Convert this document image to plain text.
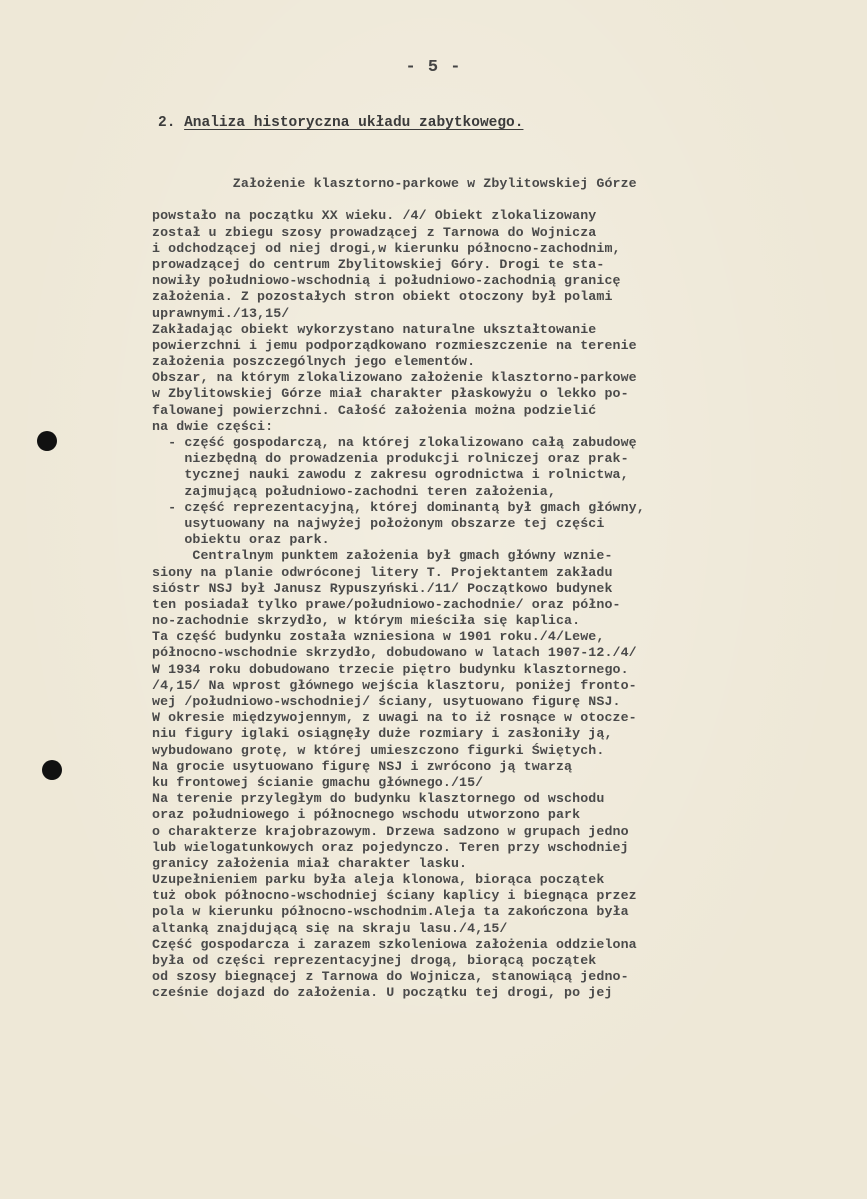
- 5 -
2. Analiza historyczna układu zabytkowego.
Założenie klasztorno-parkowe w Zbylitowskiej Górze
powstało na początku XX wieku. /4/ Obiekt zlokalizowany
został u zbiegu szosy prowadzącej z Tarnowa do Wojnicza
i odchodzącej od niej drogi,w kierunku północno-zachodnim,
prowadzącej do centrum Zbylitowskiej Góry. Drogi te sta-
nowiły południowo-wschodnią i południowo-zachodnią granicę
założenia. Z pozostałych stron obiekt otoczony był polami
uprawnymi./13,15/
Zakładając obiekt wykorzystano naturalne ukształtowanie
powierzchni i jemu podporządkowano rozmieszczenie na terenie
założenia poszczególnych jego elementów.
Obszar, na którym zlokalizowano założenie klasztorno-parkowe
w Zbylitowskiej Górze miał charakter płaskowyżu o lekko po-
falowanej powierzchni. Całość założenia można podzielić
na dwie części:
- część gospodarczą, na której zlokalizowano całą zabudowę
niezbędną do prowadzenia produkcji rolniczej oraz prak-
tycznej nauki zawodu z zakresu ogrodnictwa i rolnictwa,
zajmującą południowo-zachodni teren założenia,
- część reprezentacyjną, której dominantą był gmach główny,
usytuowany na najwyżej położonym obszarze tej części
obiektu oraz park.
Centralnym punktem założenia był gmach główny wznie-
siony na planie odwróconej litery T. Projektantem zakładu
sióstr NSJ był Janusz Rypuszyński./11/ Początkowo budynek
ten posiadał tylko prawe/południowo-zachodnie/ oraz półno-
no-zachodnie skrzydło, w którym mieściła się kaplica.
Ta część budynku została wzniesiona w 1901 roku./4/Lewe,
północno-wschodnie skrzydło, dobudowano w latach 1907-12./4/
W 1934 roku dobudowano trzecie piętro budynku klasztornego.
/4,15/ Na wprost głównego wejścia klasztoru, poniżej fronto-
wej /południowo-wschodniej/ ściany, usytuowano figurę NSJ.
W okresie międzywojennym, z uwagi na to iż rosnące w otocze-
niu figury iglaki osiągnęły duże rozmiary i zasłoniły ją,
wybudowano grotę, w której umieszczono figurki Świętych.
Na grocie usytuowano figurę NSJ i zwrócono ją twarzą
ku frontowej ścianie gmachu głównego./15/
Na terenie przyległym do budynku klasztornego od wschodu
oraz południowego i północnego wschodu utworzono park
o charakterze krajobrazowym. Drzewa sadzono w grupach jedno
lub wielogatunkowych oraz pojedynczo. Teren przy wschodniej
granicy założenia miał charakter lasku.
Uzupełnieniem parku była aleja klonowa, biorąca początek
tuż obok północno-wschodniej ściany kaplicy i biegnąca przez
pola w kierunku północno-wschodnim.Aleja ta zakończona była
altanką znajdującą się na skraju lasu./4,15/
Część gospodarcza i zarazem szkoleniowa założenia oddzielona
była od części reprezentacyjnej drogą, biorącą początek
od szosy biegnącej z Tarnowa do Wojnicza, stanowiącą jedno-
cześnie dojazd do założenia. U początku tej drogi, po jej
